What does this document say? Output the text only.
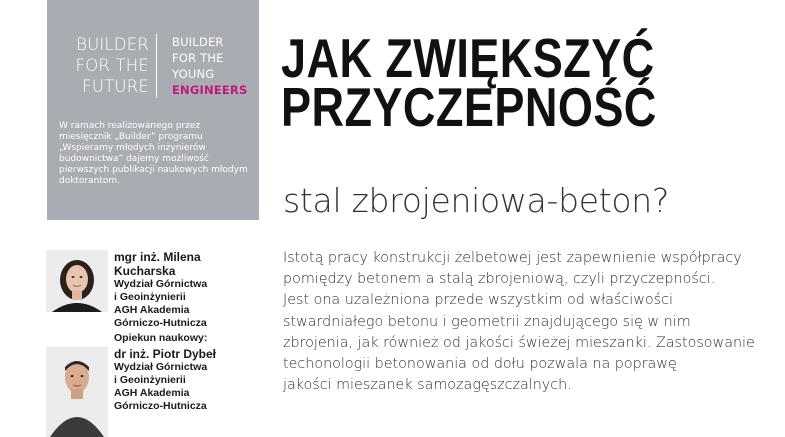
BUILDER
FOR THE
FUTURE
BUILDER
FOR THE
YOUNG
ENGINEERS
W ramach realizowanego przez miesięcznik „Builder” programu „Wspieramy młodych inżynierów budownictwa” dajemy możliwość pierwszych publikacji naukowych młodym doktorantom.
JAK ZWIĘKSZYĆ
PRZYCZEPNOŚĆ
stal zbrojeniowa-beton?
mgr inż. Milena Kucharska
Wydział Górnictwa
i Geoinżynierii
AGH Akademia
Górniczo-Hutnicza
Opiekun naukowy:
dr inż. Piotr Dybeł
Wydział Górnictwa
i Geoinżynierii
AGH Akademia
Górniczo-Hutnicza
Istotą pracy konstrukcji żelbetowej jest zapewnienie współpracy
pomiędzy betonem a stalą zbrojeniową, czyli przyczepności.
Jest ona uzależniona przede wszystkim od właściwości
stwardniałego betonu i geometrii znajdującego się w nim
zbrojenia, jak również od jakości świeżej mieszanki. Zastosowanie
techonologii betonowania od dołu pozwala na poprawę
jakości mieszanek samozagęszczalnych.
